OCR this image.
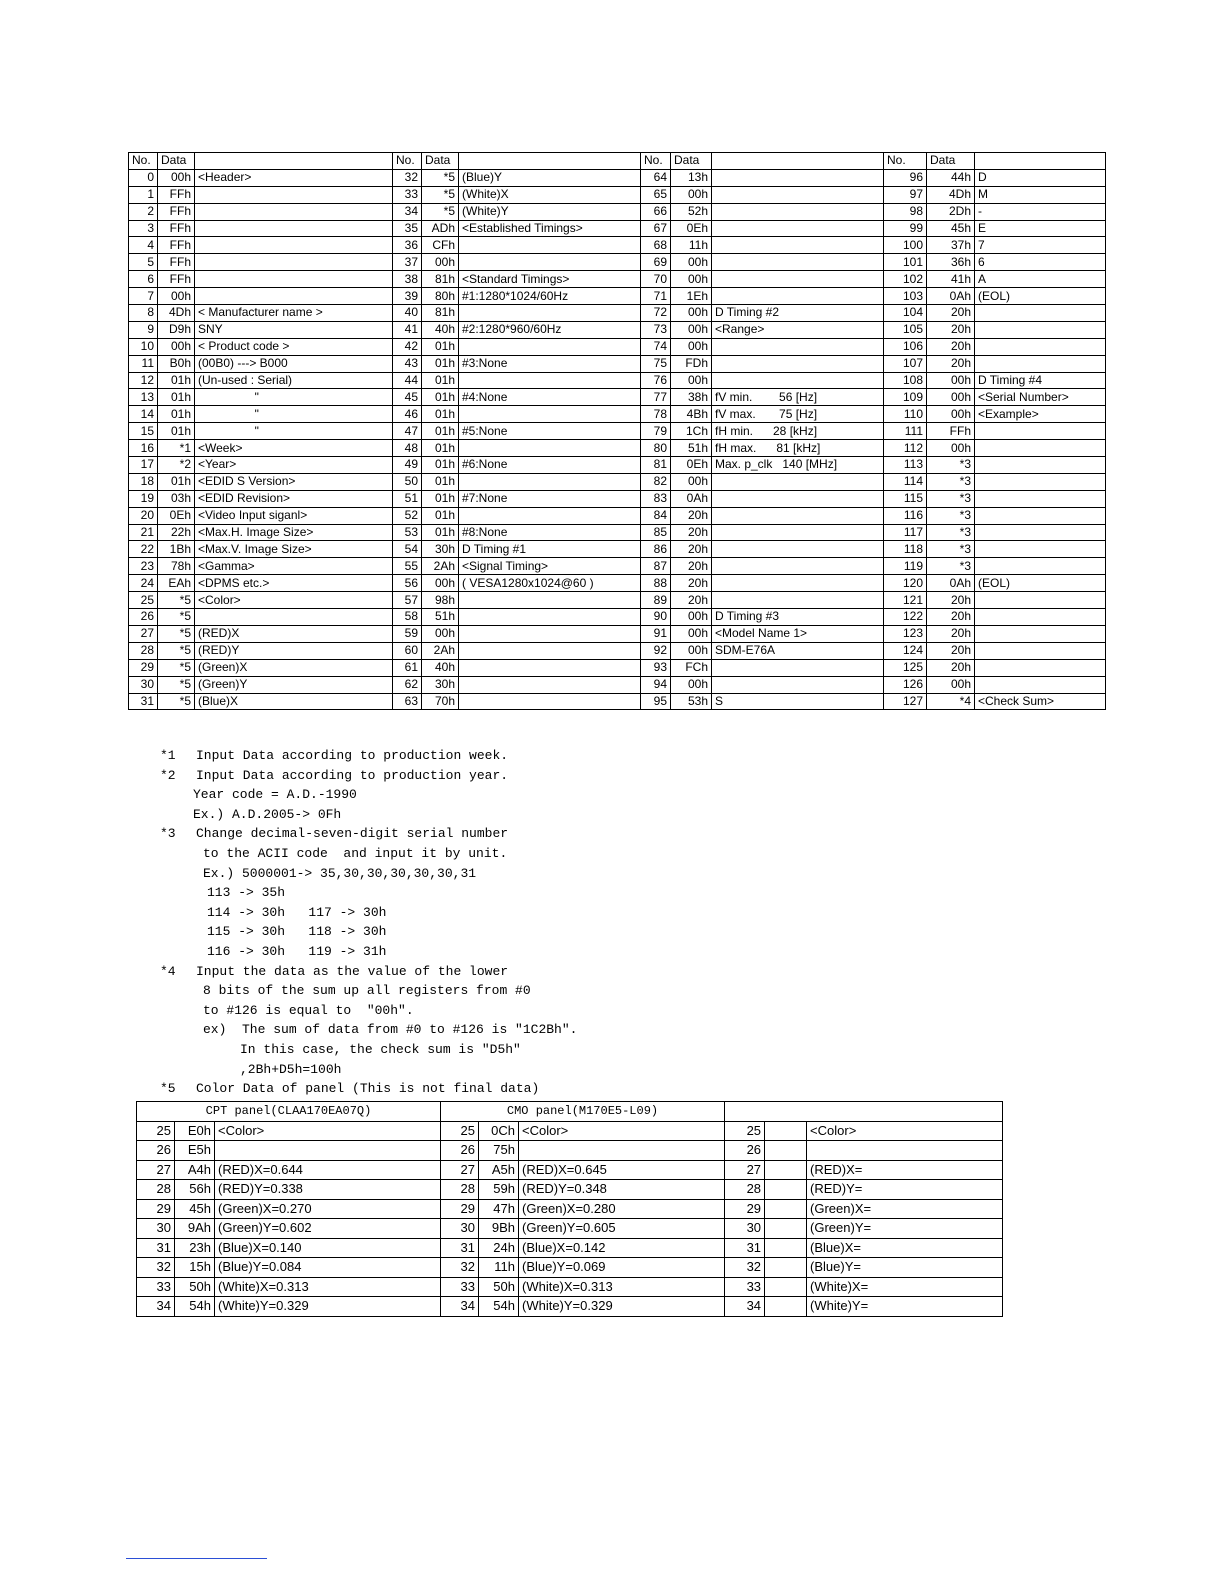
No.	Data		No.	Data		No.	Data		No.	Data	
0	00h	<Header>	32	*5	(Blue)Y	64	13h		96	44h	D
1	FFh		33	*5	(White)X	65	00h		97	4Dh	M
2	FFh		34	*5	(White)Y	66	52h		98	2Dh	-
3	FFh		35	ADh	<Established Timings>	67	0Eh		99	45h	E
4	FFh		36	CFh		68	11h		100	37h	7
5	FFh		37	00h		69	00h		101	36h	6
6	FFh		38	81h	<Standard Timings>	70	00h		102	41h	A
7	00h		39	80h	#1:1280*1024/60Hz	71	1Eh		103	0Ah	(EOL)
8	4Dh	< Manufacturer name >	40	81h		72	00h	D Timing #2	104	20h	
9	D9h	SNY	41	40h	#2:1280*960/60Hz	73	00h	<Range>	105	20h	
10	00h	< Product code >	42	01h		74	00h		106	20h	
11	B0h	(00B0) ---> B000	43	01h	#3:None	75	FDh		107	20h	
12	01h	(Un-used : Serial)	44	01h		76	00h		108	00h	D Timing #4
13	01h	"	45	01h	#4:None	77	38h	fV min.        56 [Hz]	109	00h	<Serial Number>
14	01h	"	46	01h		78	4Bh	fV max.       75 [Hz]	110	00h	<Example>
15	01h	"	47	01h	#5:None	79	1Ch	fH min.      28 [kHz]	111	FFh	
16	*1	<Week>	48	01h		80	51h	fH max.      81 [kHz]	112	00h	
17	*2	<Year>	49	01h	#6:None	81	0Eh	Max. p_clk   140 [MHz]	113	*3	
18	01h	<EDID S Version>	50	01h		82	00h		114	*3	
19	03h	<EDID Revision>	51	01h	#7:None	83	0Ah		115	*3	
20	0Eh	<Video Input siganl>	52	01h		84	20h		116	*3	
21	22h	<Max.H. Image Size>	53	01h	#8:None	85	20h		117	*3	
22	1Bh	<Max.V. Image Size>	54	30h	D Timing #1	86	20h		118	*3	
23	78h	<Gamma>	55	2Ah	<Signal Timing>	87	20h		119	*3	
24	EAh	<DPMS etc.>	56	00h	( VESA1280x1024@60 )	88	20h		120	0Ah	(EOL)
25	*5	<Color>	57	98h		89	20h		121	20h	
26	*5		58	51h		90	00h	D Timing #3	122	20h	
27	*5	(RED)X	59	00h		91	00h	<Model Name 1>	123	20h	
28	*5	(RED)Y	60	2Ah		92	00h	SDM-E76A	124	20h	
29	*5	(Green)X	61	40h		93	FCh		125	20h	
30	*5	(Green)Y	62	30h		94	00h		126	00h	
31	*5	(Blue)X	63	70h		95	53h	S	127	*4	<Check Sum>
*1 Input Data according to production week.
*2 Input Data according to production year.
Year code = A.D.-1990
Ex.) A.D.2005-> 0Fh
*3 Change decimal-seven-digit serial number
to the ACII code  and input it by unit.
Ex.) 5000001-> 35,30,30,30,30,30,31
113 -> 35h
114 -> 30h   117 -> 30h
115 -> 30h   118 -> 30h
116 -> 30h   119 -> 31h
*4 Input the data as the value of the lower
8 bits of the sum up all registers from #0
to #126 is equal to  "00h".
ex)  The sum of data from #0 to #126 is "1C2Bh".
In this case, the check sum is "D5h"
,2Bh+D5h=100h
*5 Color Data of panel (This is not final data)
CPT panel(CLAA170EA07Q)			CMO panel(M170E5-L09)					
25	E0h	<Color>	25	0Ch	<Color>	25		<Color>
26	E5h		26	75h		26		
27	A4h	(RED)X=0.644	27	A5h	(RED)X=0.645	27		(RED)X=
28	56h	(RED)Y=0.338	28	59h	(RED)Y=0.348	28		(RED)Y=
29	45h	(Green)X=0.270	29	47h	(Green)X=0.280	29		(Green)X=
30	9Ah	(Green)Y=0.602	30	9Bh	(Green)Y=0.605	30		(Green)Y=
31	23h	(Blue)X=0.140	31	24h	(Blue)X=0.142	31		(Blue)X=
32	15h	(Blue)Y=0.084	32	11h	(Blue)Y=0.069	32		(Blue)Y=
33	50h	(White)X=0.313	33	50h	(White)X=0.313	33		(White)X=
34	54h	(White)Y=0.329	34	54h	(White)Y=0.329	34		(White)Y=
